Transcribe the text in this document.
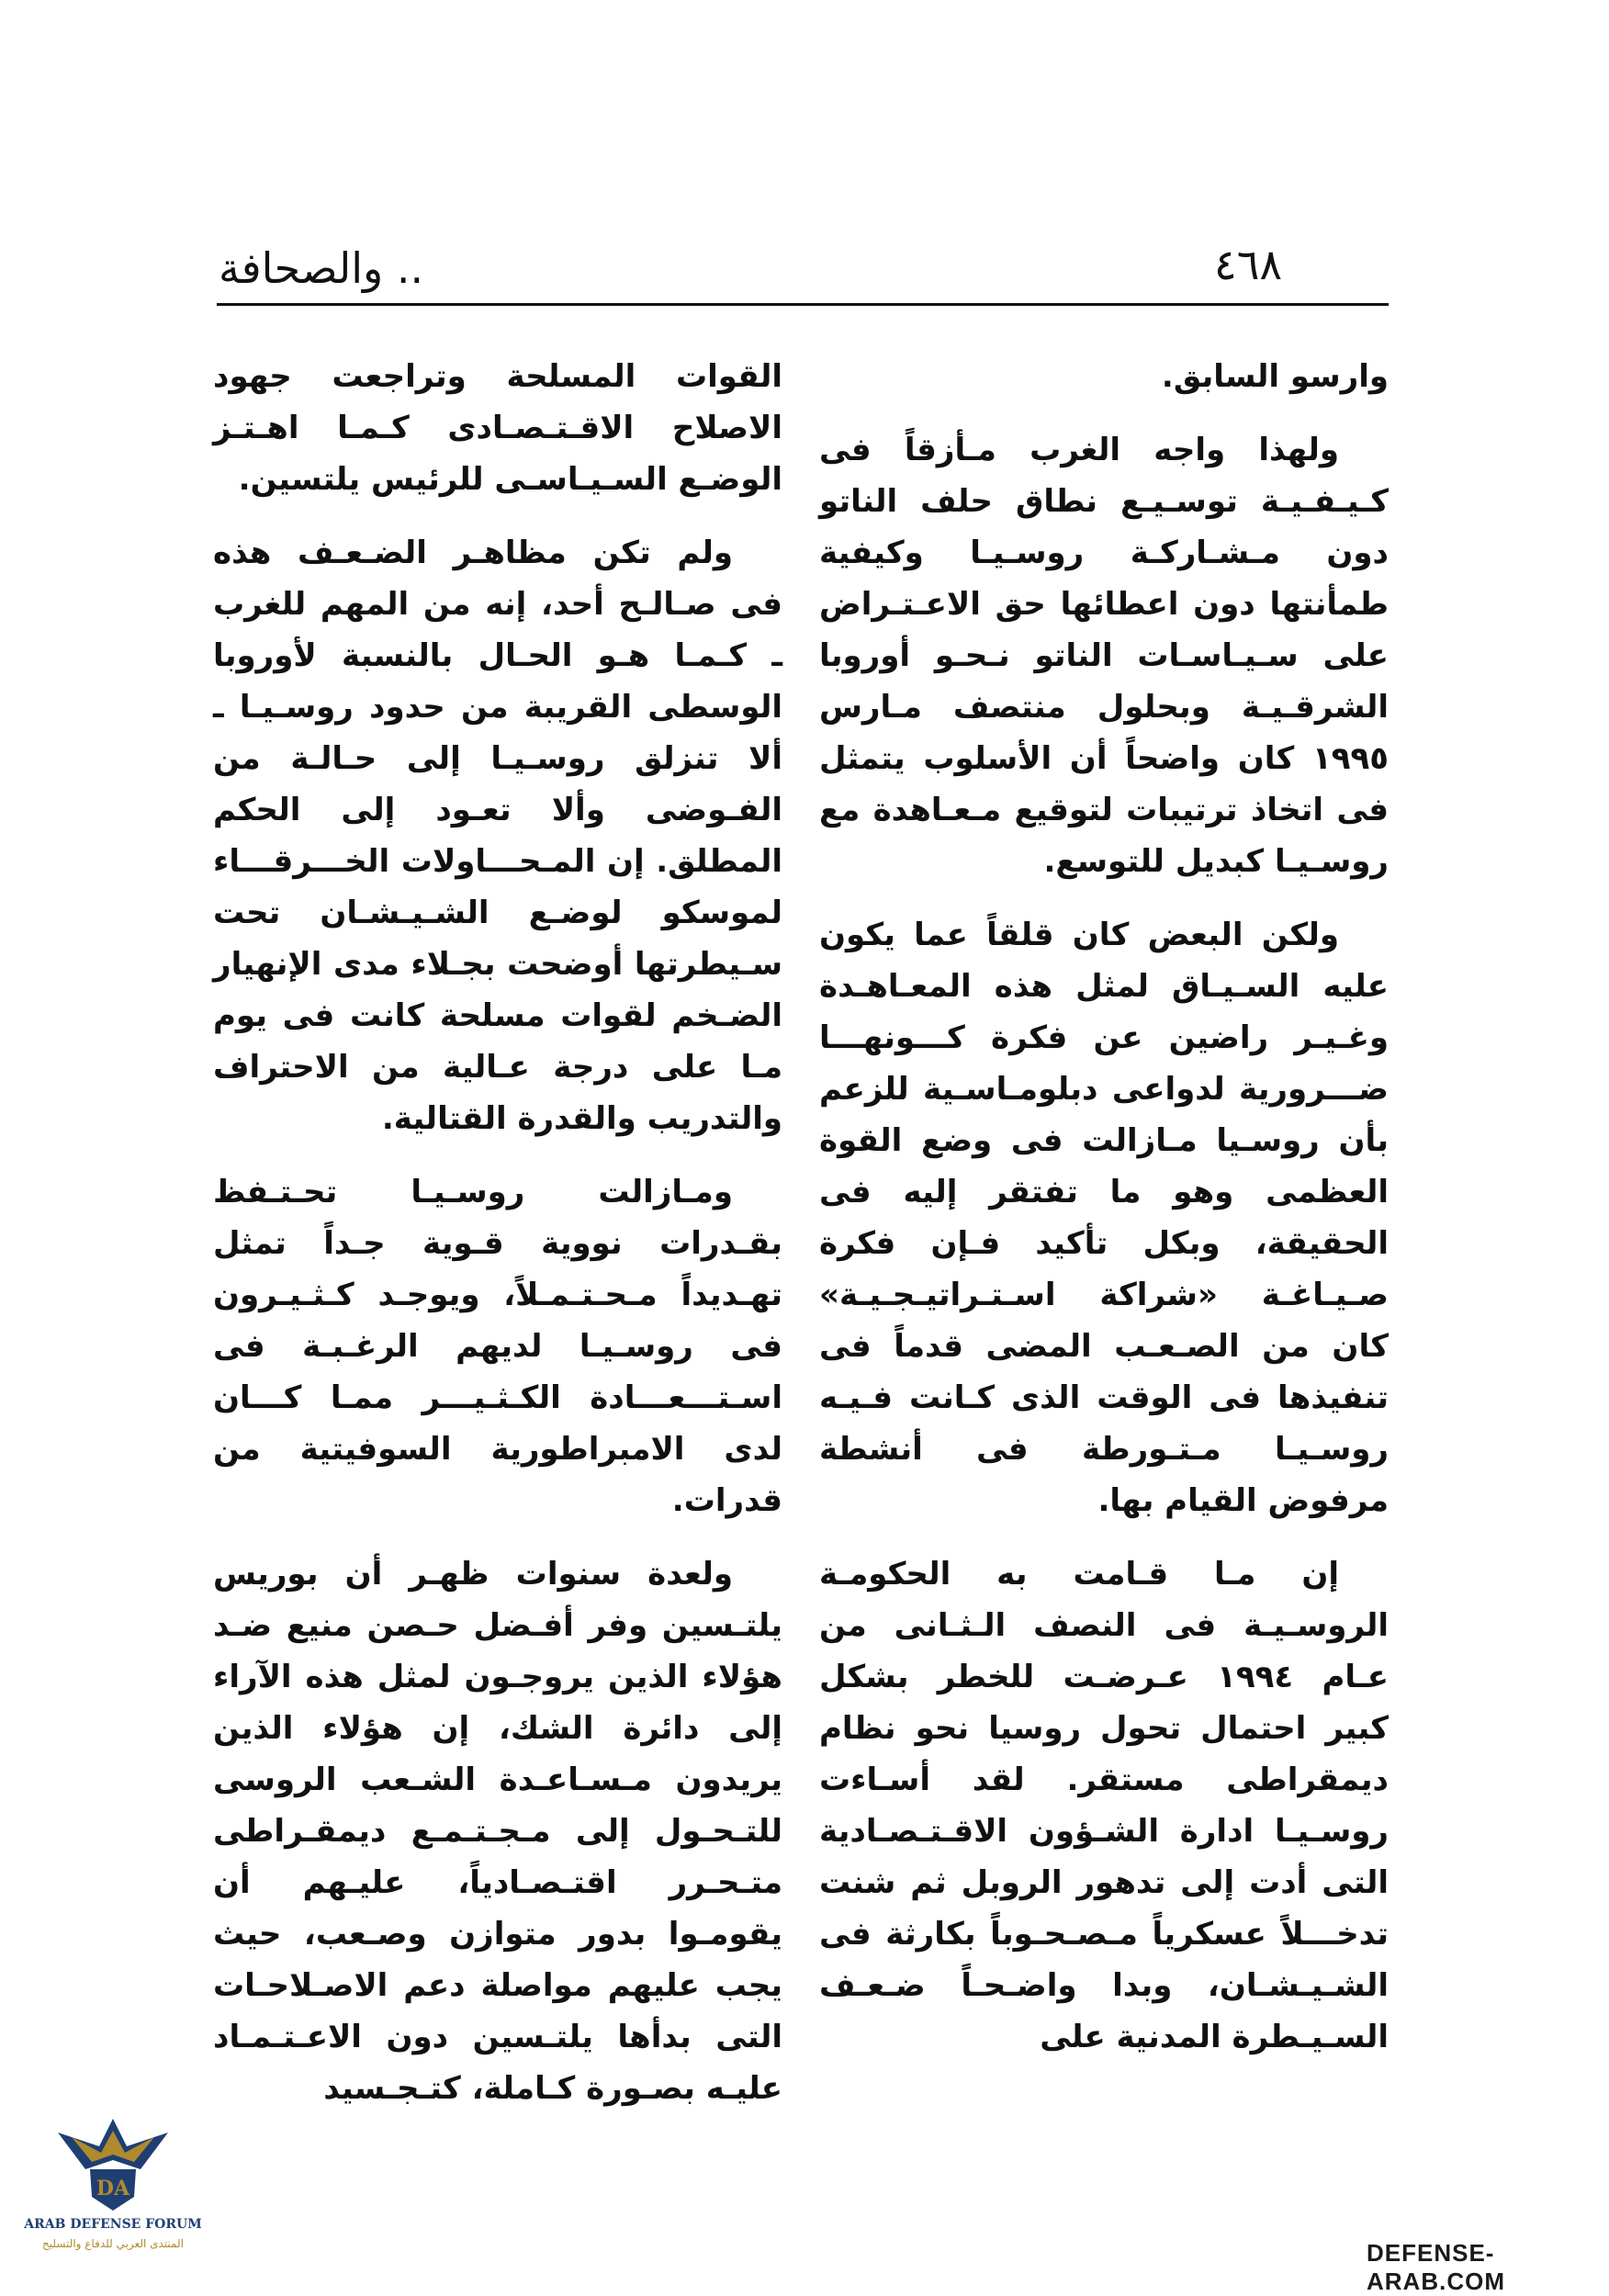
٤٦٨
.. والصحافة

وارسو السابق.

ولهذا واجه الغرب مـأزقاً فى كـيـفـيـة توسـيـع نطاق حلف الناتو دون مـشـاركـة روسـيـا وكيفية طمأنتها دون اعطائها حق الاعـتـراض على سـيـاسـات الناتو نـحـو أوروبا الشرقـيـة وبحلول منتصف مـارس ١٩٩٥ كان واضحاً أن الأسلوب يتمثل فى اتخاذ ترتيبات لتوقيع مـعـاهدة مع روسـيـا كبديل للتوسع.

ولكن البعض كان قلقاً عما يكون عليه السـيـاق لمثل هذه المعـاهـدة وغـيـر راضين عن فكرة كـــونهـــا ضـــرورية لدواعى دبلومـاسـية للزعم بأن روسـيا مـازالت فى وضع القوة العظمى وهو ما تفتقر إليه فى الحقيقة، وبكل تأكيد فـإن فكرة صـيـاغـة «شراكة اسـتـراتيـجـيـة» كان من الصـعـب المضى قدماً فى تنفيذها فى الوقت الذى كـانت فـيـه روسـيـا مـتـورطة فى أنشطة مرفوض القيام بها.

إن مـا قـامت به الحكومـة الروسـيـة فى النصف الـثـانى من عـام ١٩٩٤ عـرضـت للخطر بشكل كبير احتمال تحول روسيا نحو نظام ديمقراطى مستقر. لقد أسـاءت روسـيـا ادارة الشـؤون الاقـتـصـادية التى أدت إلى تدهور الروبل ثم شنت تدخـــلاً عسكرياً مـصـحـوباً بكارثة فى الشـيـشـان، وبدا واضـحـاً ضـعـف السـيـطرة المدنية على

القوات المسلحة وتراجعت جهود الاصلاح الاقـتـصـادى كـمـا اهـتـز الوضـع السـيـاسـى للرئيس يلتسين.

ولم تكن مظاهـر الضـعـف هذه فى صـالـح أحد، إنه من المهم للغرب ـ كـمـا هـو الحـال بالنسبة لأوروبا الوسطى القريبة من حدود روسـيـا ـ ألا تنزلق روسـيـا إلى حـالـة من الفـوضى وألا تعـود إلى الحكم المطلق. إن المـحـــاولات الخـــرقـــاء لموسكو لوضـع الشـيـشـان تحت سـيطرتها أوضحت بجـلاء مدى الإنهيار الضـخم لقوات مسلحة كانت فى يوم مـا على درجة عـالية من الاحتراف والتدريب والقدرة القتالية.

ومـازالت روسـيـا تحـتـفظ بقـدرات نووية قـوية جـداً تمثل تهـديداً مـحـتـمـلاً، ويوجـد كـثـيـرون فى روسـيـا لديهم الرغـبـة فى اسـتـــعـــادة الكـثـيـــر ممـا كـــان لدى الامبراطورية السوفيتية من قدرات.

ولعدة سنوات ظهـر أن بوريس يلتـسين وفر أفـضل حـصن منيع ضـد هؤلاء الذين يروجـون لمثل هذه الآراء إلى دائرة الشك، إن هؤلاء الذين يريدون مـسـاعـدة الشـعب الروسى للتـحـول إلى مـجـتـمـع ديمقـراطى متـحـرر اقتـصـادياً، عليـهم أن يقومـوا بدور متوازن وصـعب، حيث يجب عليهم مواصلة دعم الاصـلاحـات التى بدأها يلتـسين دون الاعـتـمـاد عليـه بصـورة كـاملة، كتـجـسيد

DA
ARAB DEFENSE FORUM
المنتدى العربي للدفاع والتسليح	DEFENSE-ARAB.COM
